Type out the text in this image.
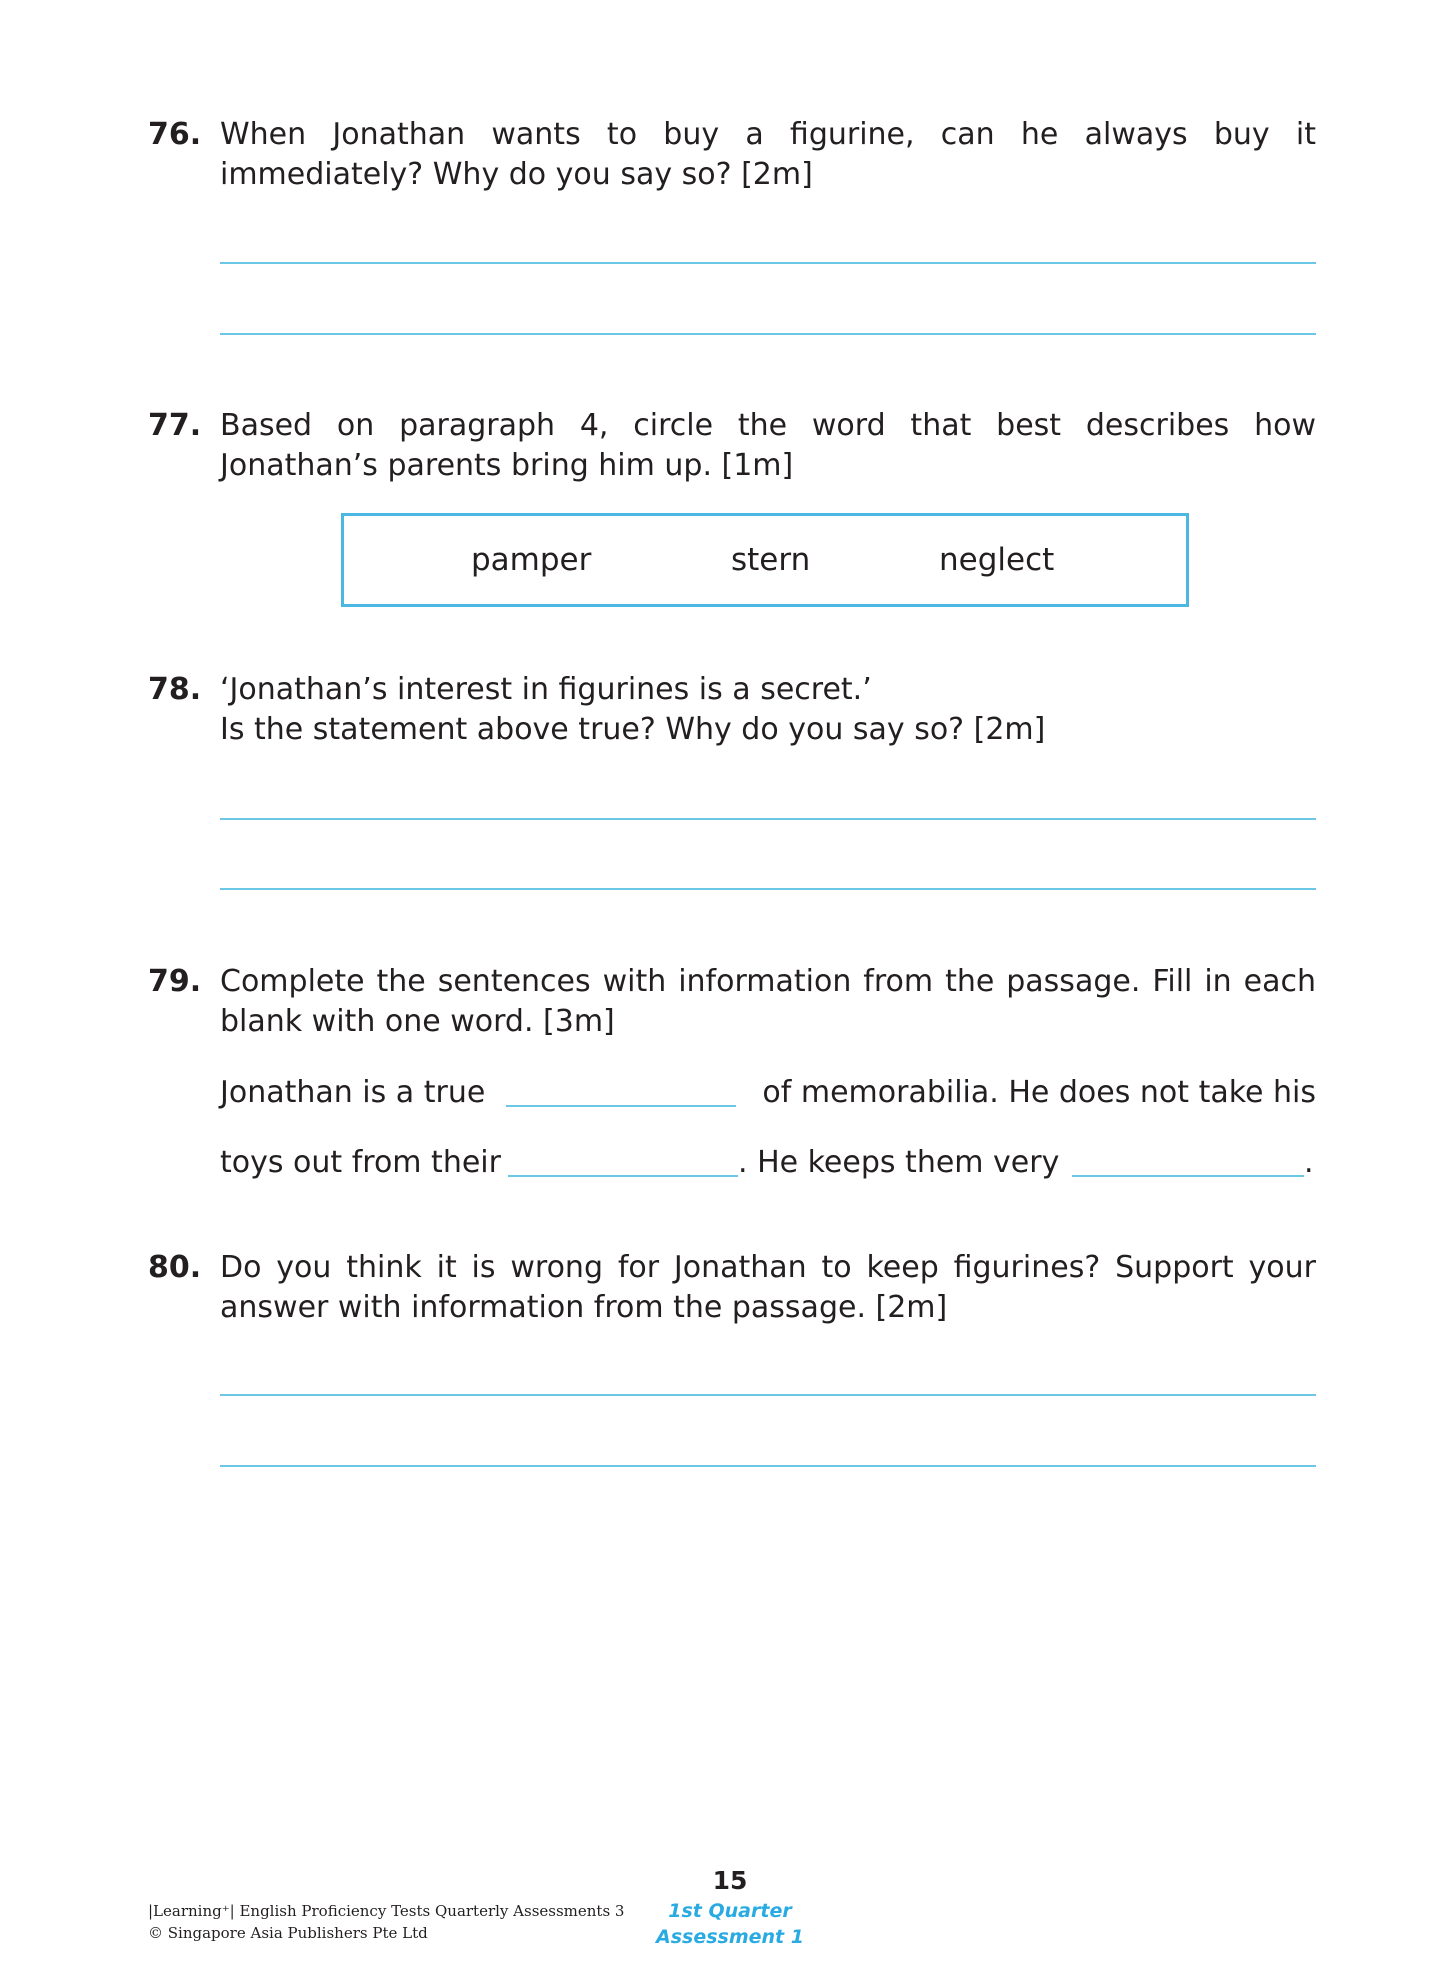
76. When Jonathan wants to buy a figurine, can he always buy it
immediately? Why do you say so? [2m]
77. Based on paragraph 4, circle the word that best describes how
Jonathan’s parents bring him up. [1m]
pamper	stern	neglect
78. ‘Jonathan’s interest in figurines is a secret.’
Is the statement above true? Why do you say so? [2m]
79. Complete the sentences with information from the passage. Fill in each
blank with one word. [3m]
Jonathan is a true	of memorabilia. He does not take his
toys out from their	. He keeps them very	.
80. Do you think it is wrong for Jonathan to keep figurines? Support your
answer with information from the passage. [2m]
15
|Learning⁺| English Proficiency Tests Quarterly Assessments 3
© Singapore Asia Publishers Pte Ltd
1st Quarter
Assessment 1
